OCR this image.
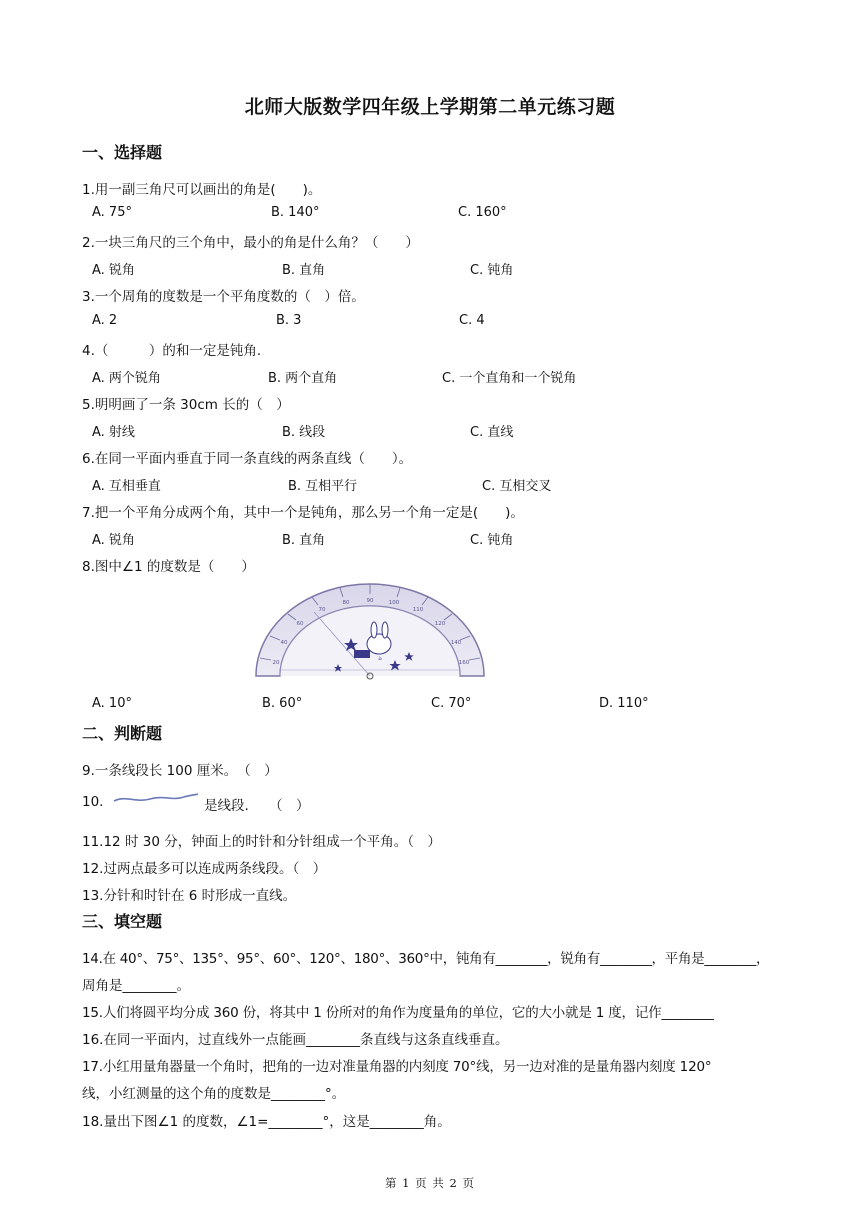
北师大版数学四年级上学期第二单元练习题
一、选择题
1.用一副三角尺可以画出的角是(　　)。
A. 75°	B. 140°	C. 160°
2.一块三角尺的三个角中，最小的角是什么角？（　　）
A. 锐角	B. 直角	C. 钝角
3.一个周角的度数是一个平角度数的（　）倍。
A. 2	B. 3	C. 4
4.（　　　）的和一定是钝角.
A. 两个锐角	B. 两个直角	C. 一个直角和一个锐角
5.明明画了一条 30cm 长的（　）
A. 射线	B. 线段	C. 直线
6.在同一平面内垂直于同一条直线的两条直线（　　）。
A. 互相垂直	B. 互相平行	C. 互相交叉
7.把一个平角分成两个角，其中一个是钝角，那么另一个角一定是(　　)。
A. 锐角	B. 直角	C. 钝角
8.图中∠1 的度数是（　　）
90
80	100
70	110
60	120
40	140
20	160
ঌ
A. 10°	B. 60°	C. 70°	D. 110°
二、判断题
9.一条线段长 100 厘米。　（　）
10.	是线段.　　（　）
11.12 时 30 分，钟面上的时针和分针组成一个平角。（　）
12.过两点最多可以连成两条线段。（　）
13.分针和时针在 6 时形成一直线。
三、填空题
14.在 40°、75°、135°、95°、60°、120°、180°、360°中，钝角有________，锐角有________，平角是________，
周角是________。
15.人们将圆平均分成 360 份，将其中 1 份所对的角作为度量角的单位，它的大小就是 1 度，记作________
16.在同一平面内，过直线外一点能画________条直线与这条直线垂直。
17.小红用量角器量一个角时，把角的一边对准量角器的内刻度 70°线，另一边对准的是量角器内刻度 120°
线，小红测量的这个角的度数是________°。
18.量出下图∠1 的度数，∠1=________°，这是________角。
第 1 页 共 2 页
